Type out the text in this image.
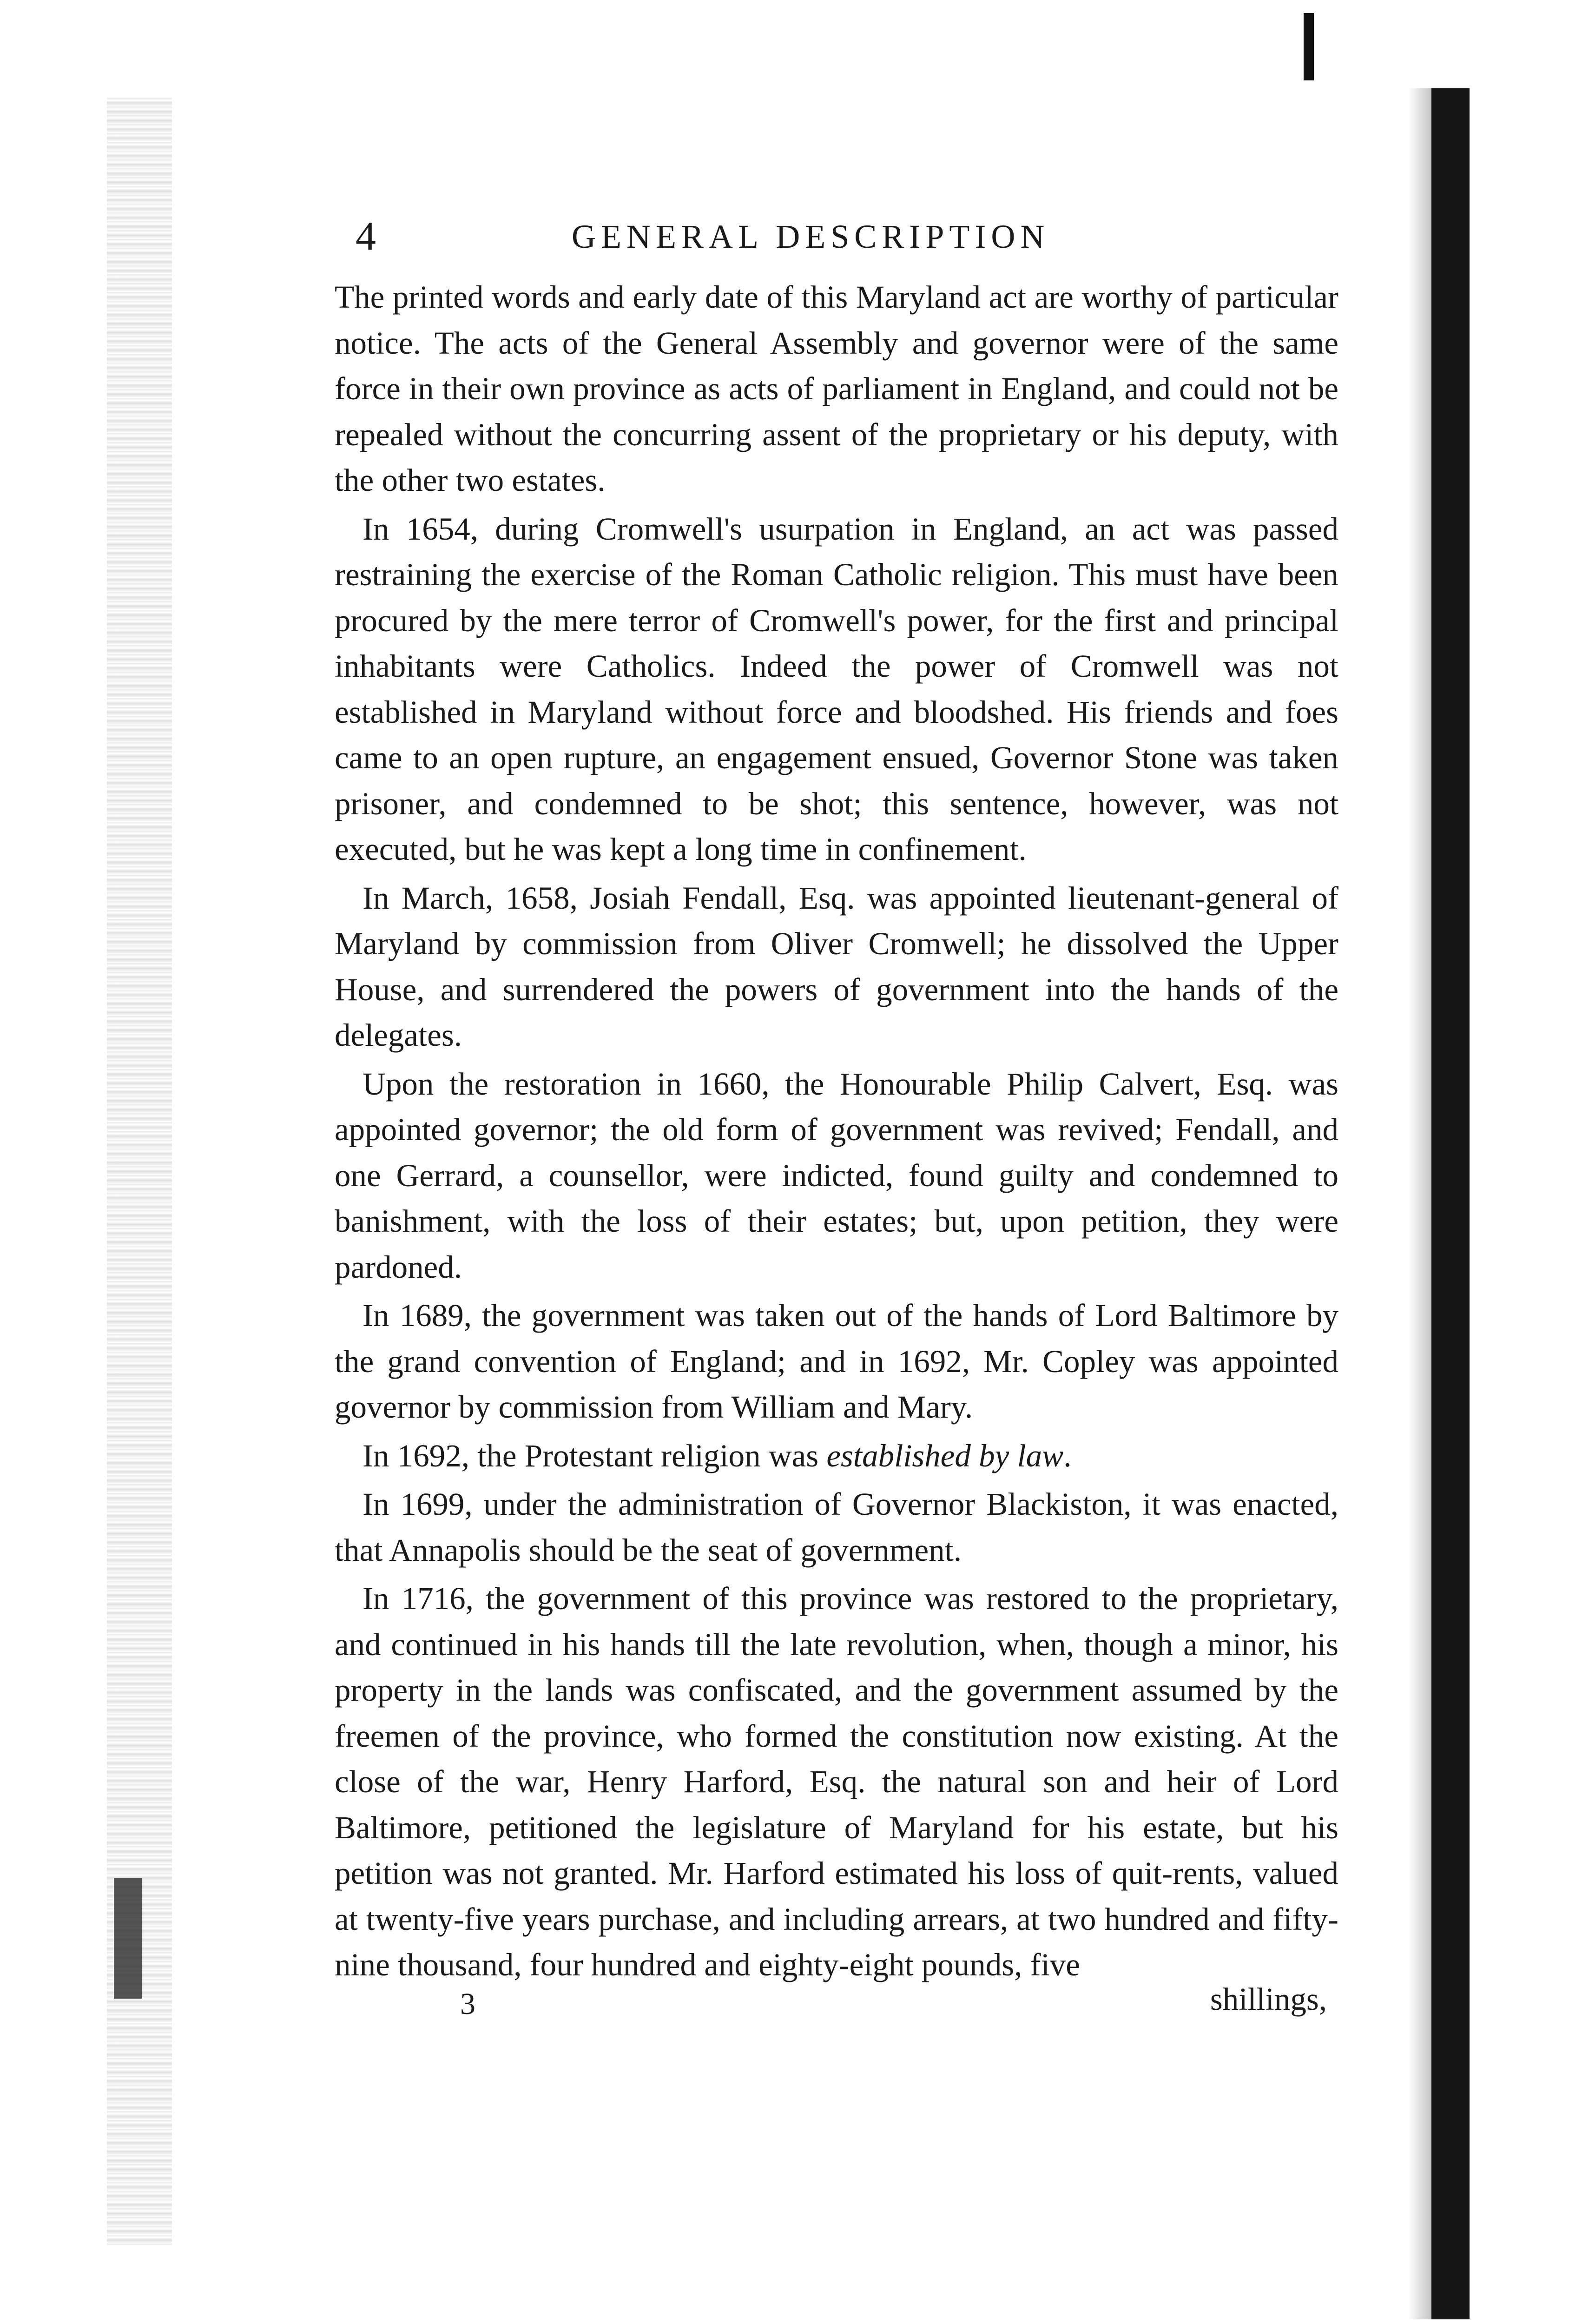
4	GENERAL DESCRIPTION

The printed words and early date of this Maryland act are worthy of particular notice. The acts of the General Assembly and governor were of the same force in their own province as acts of parliament in England, and could not be repealed without the concurring assent of the proprietary or his deputy, with the other two estates.

In 1654, during Cromwell's usurpation in England, an act was passed restraining the exercise of the Roman Catholic religion. This must have been procured by the mere terror of Cromwell's power, for the first and principal inhabitants were Catholics. Indeed the power of Cromwell was not established in Maryland without force and bloodshed. His friends and foes came to an open rupture, an engagement ensued, Governor Stone was taken prisoner, and condemned to be shot; this sentence, however, was not executed, but he was kept a long time in confinement.

In March, 1658, Josiah Fendall, Esq. was appointed lieutenant-general of Maryland by commission from Oliver Cromwell; he dissolved the Upper House, and surrendered the powers of government into the hands of the delegates.

Upon the restoration in 1660, the Honourable Philip Calvert, Esq. was appointed governor; the old form of government was revived; Fendall, and one Gerrard, a counsellor, were indicted, found guilty and condemned to banishment, with the loss of their estates; but, upon petition, they were pardoned.

In 1689, the government was taken out of the hands of Lord Baltimore by the grand convention of England; and in 1692, Mr. Copley was appointed governor by commission from William and Mary.

In 1692, the Protestant religion was established by law.

In 1699, under the administration of Governor Blackiston, it was enacted, that Annapolis should be the seat of government.

In 1716, the government of this province was restored to the proprietary, and continued in his hands till the late revolution, when, though a minor, his property in the lands was confiscated, and the government assumed by the freemen of the province, who formed the constitution now existing. At the close of the war, Henry Harford, Esq. the natural son and heir of Lord Baltimore, petitioned the legislature of Maryland for his estate, but his petition was not granted. Mr. Harford estimated his loss of quit-rents, valued at twenty-five years purchase, and including arrears, at two hundred and fifty-nine thousand, four hundred and eighty-eight pounds, five

3	shillings,
